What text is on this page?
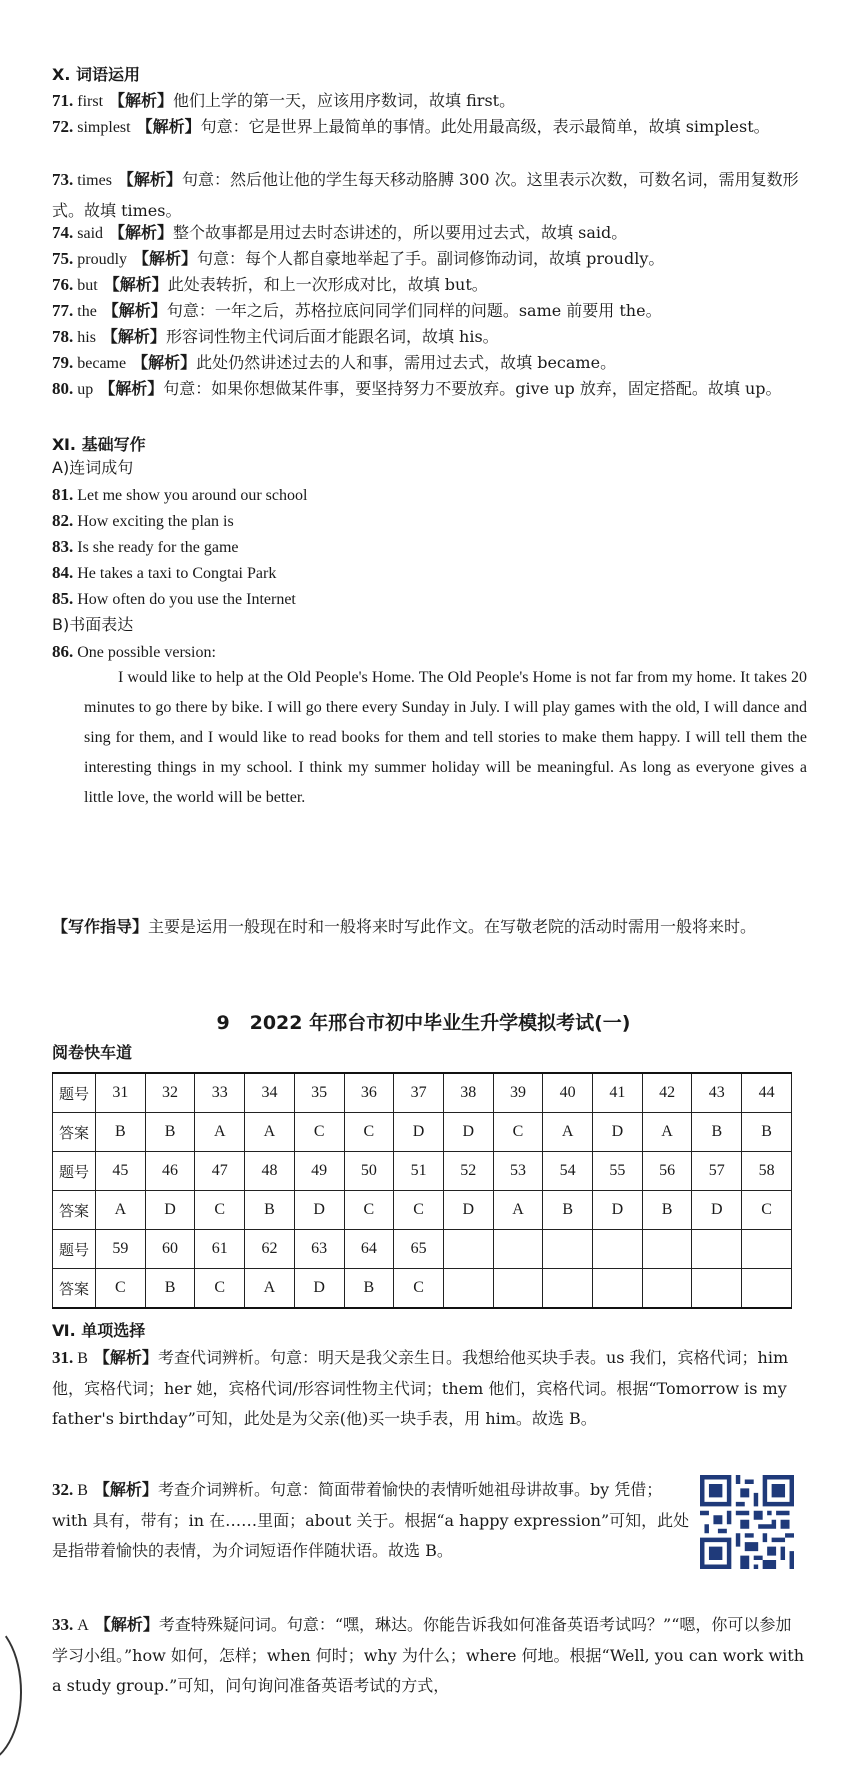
Ⅹ. 词语运用
71. first 【解析】他们上学的第一天，应该用序数词，故填 first。
72. simplest 【解析】句意：它是世界上最简单的事情。此处用最高级，表示最简单，故填 simplest。
73. times 【解析】句意：然后他让他的学生每天移动胳膊 300 次。这里表示次数，可数名词，需用复数形式。故填 times。
74. said 【解析】整个故事都是用过去时态讲述的，所以要用过去式，故填 said。
75. proudly 【解析】句意：每个人都自豪地举起了手。副词修饰动词，故填 proudly。
76. but 【解析】此处表转折，和上一次形成对比，故填 but。
77. the 【解析】句意：一年之后，苏格拉底问同学们同样的问题。same 前要用 the。
78. his 【解析】形容词性物主代词后面才能跟名词，故填 his。
79. became 【解析】此处仍然讲述过去的人和事，需用过去式，故填 became。
80. up 【解析】句意：如果你想做某件事，要坚持努力不要放弃。give up 放弃，固定搭配。故填 up。
Ⅺ. 基础写作
A)连词成句
81. Let me show you around our school
82. How exciting the plan is
83. Is she ready for the game
84. He takes a taxi to Congtai Park
85. How often do you use the Internet
B)书面表达
86. One possible version:
I would like to help at the Old People's Home. The Old People's Home is not far from my home. It takes 20 minutes to go there by bike. I will go there every Sunday in July. I will play games with the old, I will dance and sing for them, and I would like to read books for them and tell stories to make them happy. I will tell them the interesting things in my school. I think my summer holiday will be meaningful. As long as everyone gives a little love, the world will be better.
【写作指导】主要是运用一般现在时和一般将来时写此作文。在写敬老院的活动时需用一般将来时。
9 2022 年邢台市初中毕业生升学模拟考试(一)
阅卷快车道
题号	31	32	33	34	35	36	37	38	39	40	41	42	43	44
答案	B	B	A	A	C	C	D	D	C	A	D	A	B	B
题号	45	46	47	48	49	50	51	52	53	54	55	56	57	58
答案	A	D	C	B	D	C	C	D	A	B	D	B	D	C
题号	59	60	61	62	63	64	65							
答案	C	B	C	A	D	B	C							
Ⅵ. 单项选择
31. B 【解析】考查代词辨析。句意：明天是我父亲生日。我想给他买块手表。us 我们，宾格代词；him 他，宾格代词；her 她，宾格代词/形容词性物主代词；them 他们，宾格代词。根据“Tomorrow is my father's birthday”可知，此处是为父亲(他)买一块手表，用 him。故选 B。
32. B 【解析】考查介词辨析。句意：简面带着愉快的表情听她祖母讲故事。by 凭借；with 具有，带有；in 在……里面；about 关于。根据“a happy expression”可知，此处是指带着愉快的表情，为介词短语作伴随状语。故选 B。
33. A 【解析】考查特殊疑问词。句意：“嘿，琳达。你能告诉我如何准备英语考试吗？”“嗯，你可以参加学习小组。”how 如何，怎样；when 何时；why 为什么；where 何地。根据“Well, you can work with a study group.”可知，问句询问准备英语考试的方式，
